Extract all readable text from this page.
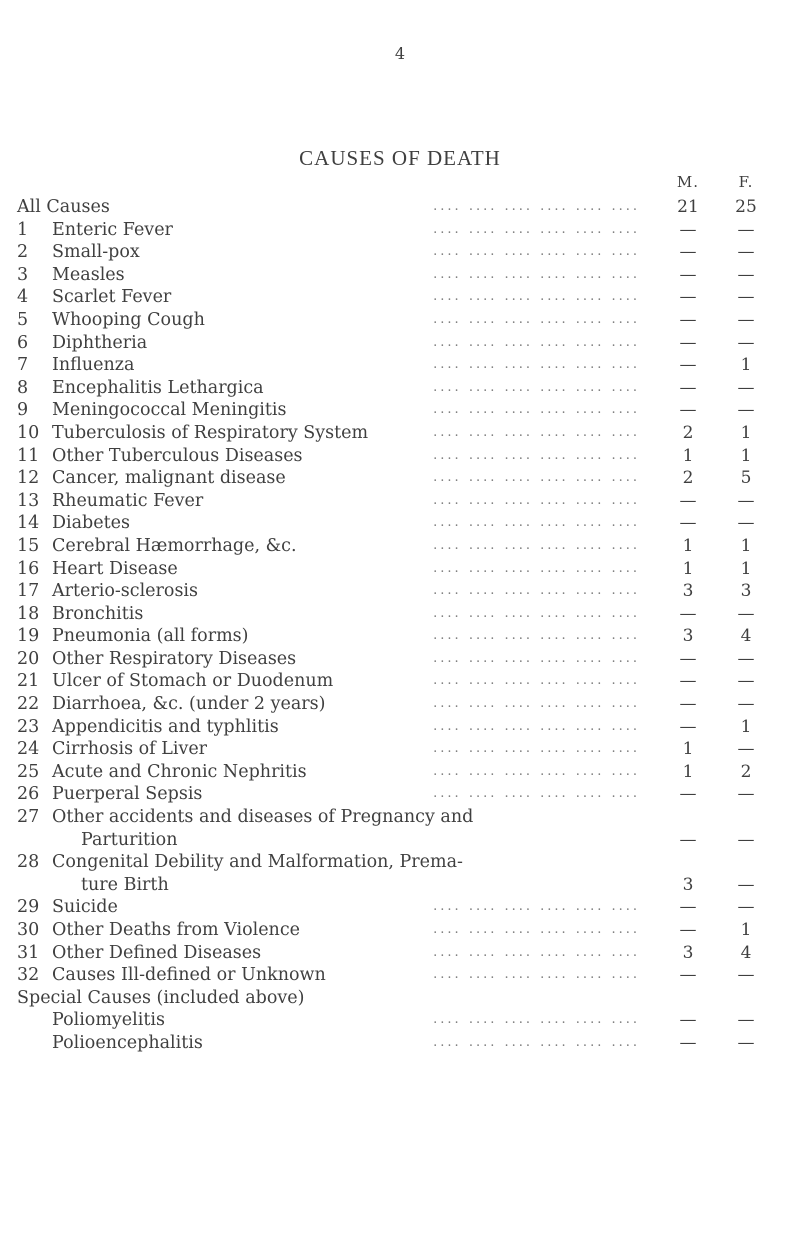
4
CAUSES OF DEATH
M.	F.
All Causes	.... .... .... .... .... ....	21	25
1	Enteric Fever	.... .... .... .... .... ....	—	—
2	Small-pox	.... .... .... .... .... ....	—	—
3	Measles	.... .... .... .... .... ....	—	—
4	Scarlet Fever	.... .... .... .... .... ....	—	—
5	Whooping Cough	.... .... .... .... .... ....	—	—
6	Diphtheria	.... .... .... .... .... ....	—	—
7	Influenza	.... .... .... .... .... ....	—	1
8	Encephalitis Lethargica	.... .... .... .... .... ....	—	—
9	Meningococcal Meningitis	.... .... .... .... .... ....	—	—
10 Tuberculosis of Respiratory System	.... .... .... .... .... ....	2	1
11 Other Tuberculous Diseases	.... .... .... .... .... ....	1	1
12 Cancer, malignant disease	.... .... .... .... .... ....	2	5
13 Rheumatic Fever	.... .... .... .... .... ....	—	—
14 Diabetes	.... .... .... .... .... ....	—	—
15 Cerebral Hæmorrhage, &c.	.... .... .... .... .... ....	1	1
16 Heart Disease	.... .... .... .... .... ....	1	1
17 Arterio-sclerosis	.... .... .... .... .... ....	3	3
18 Bronchitis	.... .... .... .... .... ....	—	—
19 Pneumonia (all forms)	.... .... .... .... .... ....	3	4
20 Other Respiratory Diseases	.... .... .... .... .... ....	—	—
21 Ulcer of Stomach or Duodenum	.... .... .... .... .... ....	—	—
22 Diarrhoea, &c. (under 2 years)	.... .... .... .... .... ....	—	—
23 Appendicitis and typhlitis	.... .... .... .... .... ....	—	1
24 Cirrhosis of Liver	.... .... .... .... .... ....	1	—
25 Acute and Chronic Nephritis	.... .... .... .... .... ....	1	2
26 Puerperal Sepsis	.... .... .... .... .... ....	—	—
27 Other accidents and diseases of Pregnancy and
Parturition	—	—
28 Congenital Debility and Malformation, Prema-
ture Birth	3	—
29 Suicide	.... .... .... .... .... ....	—	—
30 Other Deaths from Violence	.... .... .... .... .... ....	—	1
31 Other Defined Diseases	.... .... .... .... .... ....	3	4
32 Causes Ill-defined or Unknown	.... .... .... .... .... ....	—	—
Special Causes (included above)
Poliomyelitis	.... .... .... .... .... ....	—	—
Polioencephalitis	.... .... .... .... .... ....	—	—
